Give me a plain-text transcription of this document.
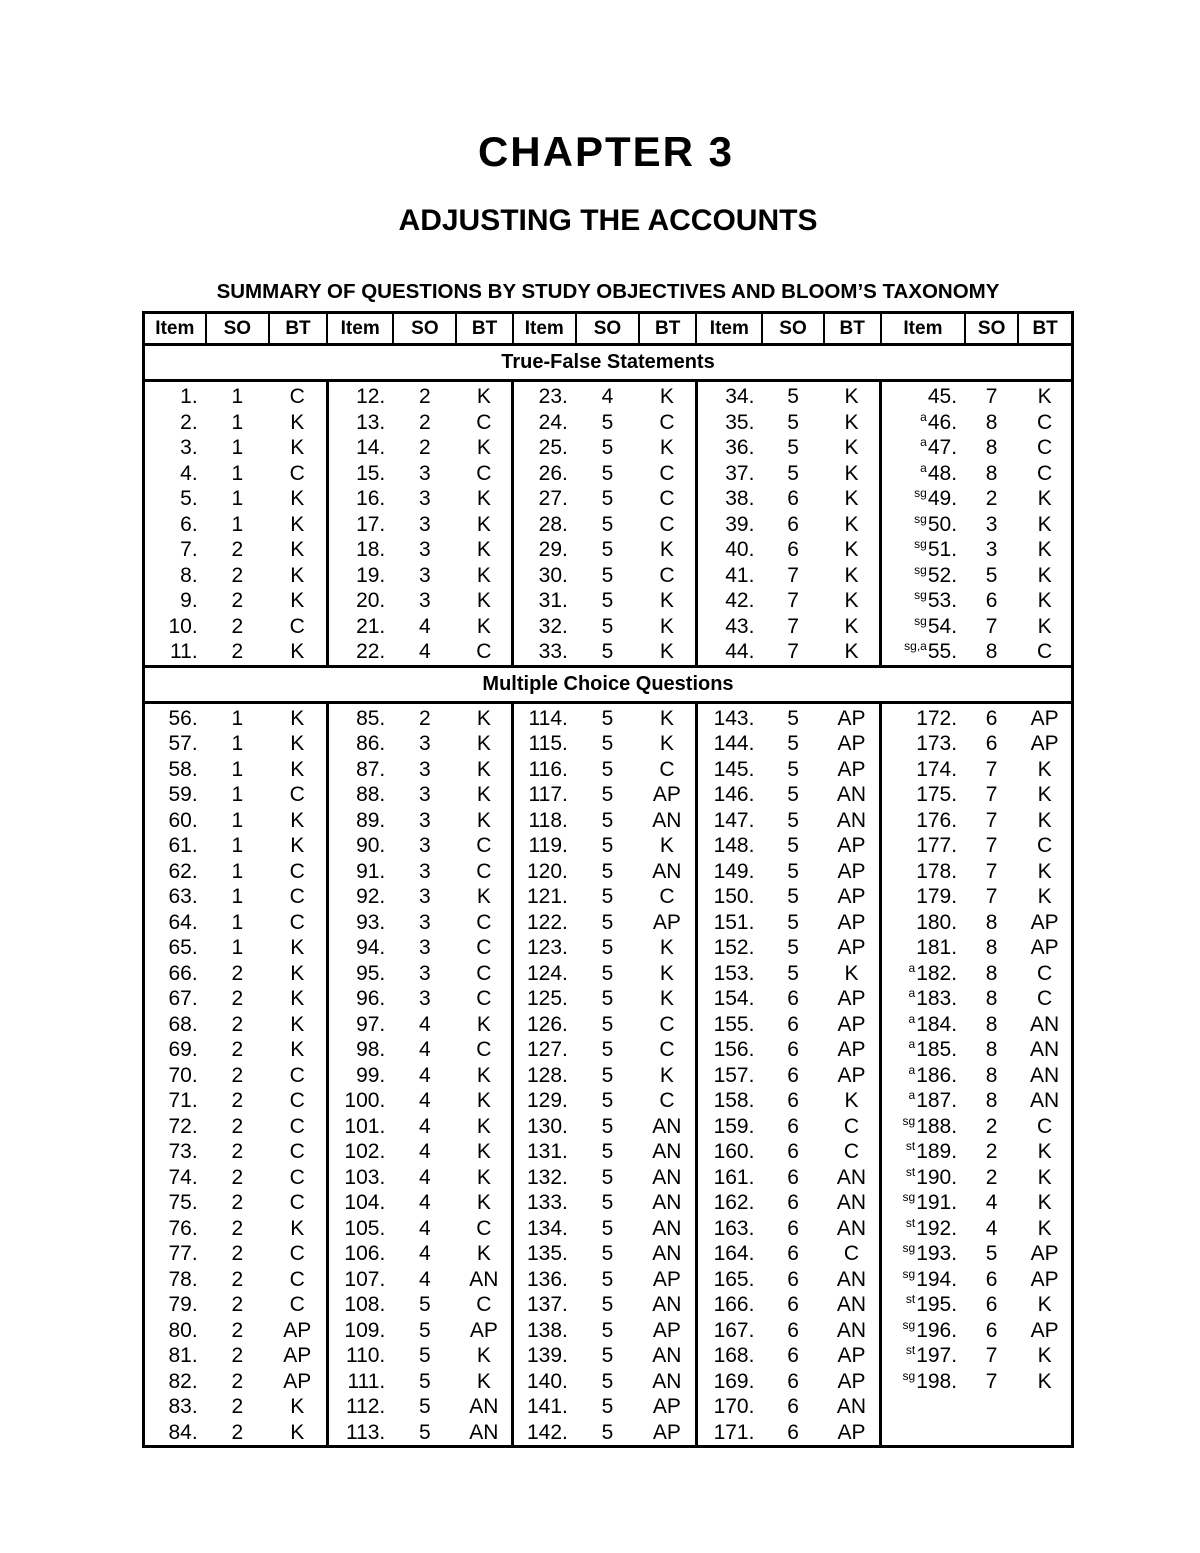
CHAPTER 3
ADJUSTING THE ACCOUNTS
SUMMARY OF QUESTIONS BY STUDY OBJECTIVES AND BLOOM’S TAXONOMY
Item	SO	BT	Item	SO	BT	Item	SO	BT	Item	SO	BT	Item	SO	BT
True-False Statements														
1.	1	C	12.	2	K	23.	4	K	34.	5	K	45.	7	K
2.	1	K	13.	2	C	24.	5	C	35.	5	K	$^a$46.	8	C
3.	1	K	14.	2	K	25.	5	K	36.	5	K	$^a$47.	8	C
4.	1	C	15.	3	C	26.	5	C	37.	5	K	$^a$48.	8	C
5.	1	K	16.	3	K	27.	5	C	38.	6	K	$^{sg}$49.	2	K
6.	1	K	17.	3	K	28.	5	C	39.	6	K	$^{sg}$50.	3	K
7.	2	K	18.	3	K	29.	5	K	40.	6	K	$^{sg}$51.	3	K
8.	2	K	19.	3	K	30.	5	C	41.	7	K	$^{sg}$52.	5	K
9.	2	K	20.	3	K	31.	5	K	42.	7	K	$^{sg}$53.	6	K
10.	2	C	21.	4	K	32.	5	K	43.	7	K	$^{sg}$54.	7	K
11.	2	K	22.	4	C	33.	5	K	44.	7	K	$^{sg,a}$55.	8	C
Multiple Choice Questions														
56.	1	K	85.	2	K	114.	5	K	143.	5	AP	172.	6	AP
57.	1	K	86.	3	K	115.	5	K	144.	5	AP	173.	6	AP
58.	1	K	87.	3	K	116.	5	C	145.	5	AP	174.	7	K
59.	1	C	88.	3	K	117.	5	AP	146.	5	AN	175.	7	K
60.	1	K	89.	3	K	118.	5	AN	147.	5	AN	176.	7	K
61.	1	K	90.	3	C	119.	5	K	148.	5	AP	177.	7	C
62.	1	C	91.	3	C	120.	5	AN	149.	5	AP	178.	7	K
63.	1	C	92.	3	K	121.	5	C	150.	5	AP	179.	7	K
64.	1	C	93.	3	C	122.	5	AP	151.	5	AP	180.	8	AP
65.	1	K	94.	3	C	123.	5	K	152.	5	AP	181.	8	AP
66.	2	K	95.	3	C	124.	5	K	153.	5	K	$^a$182.	8	C
67.	2	K	96.	3	C	125.	5	K	154.	6	AP	$^a$183.	8	C
68.	2	K	97.	4	K	126.	5	C	155.	6	AP	$^a$184.	8	AN
69.	2	K	98.	4	C	127.	5	C	156.	6	AP	$^a$185.	8	AN
70.	2	C	99.	4	K	128.	5	K	157.	6	AP	$^a$186.	8	AN
71.	2	C	100.	4	K	129.	5	C	158.	6	K	$^a$187.	8	AN
72.	2	C	101.	4	K	130.	5	AN	159.	6	C	$^{sg}$188.	2	C
73.	2	C	102.	4	K	131.	5	AN	160.	6	C	$^{st}$189.	2	K
74.	2	C	103.	4	K	132.	5	AN	161.	6	AN	$^{st}$190.	2	K
75.	2	C	104.	4	K	133.	5	AN	162.	6	AN	$^{sg}$191.	4	K
76.	2	K	105.	4	C	134.	5	AN	163.	6	AN	$^{st}$192.	4	K
77.	2	C	106.	4	K	135.	5	AN	164.	6	C	$^{sg}$193.	5	AP
78.	2	C	107.	4	AN	136.	5	AP	165.	6	AN	$^{sg}$194.	6	AP
79.	2	C	108.	5	C	137.	5	AN	166.	6	AN	$^{st}$195.	6	K
80.	2	AP	109.	5	AP	138.	5	AP	167.	6	AN	$^{sg}$196.	6	AP
81.	2	AP	110.	5	K	139.	5	AN	168.	6	AP	$^{st}$197.	7	K
82.	2	AP	111.	5	K	140.	5	AN	169.	6	AP	$^{sg}$198.	7	K
83.	2	K	112.	5	AN	141.	5	AP	170.	6	AN			
84.	2	K	113.	5	AN	142.	5	AP	171.	6	AP			
